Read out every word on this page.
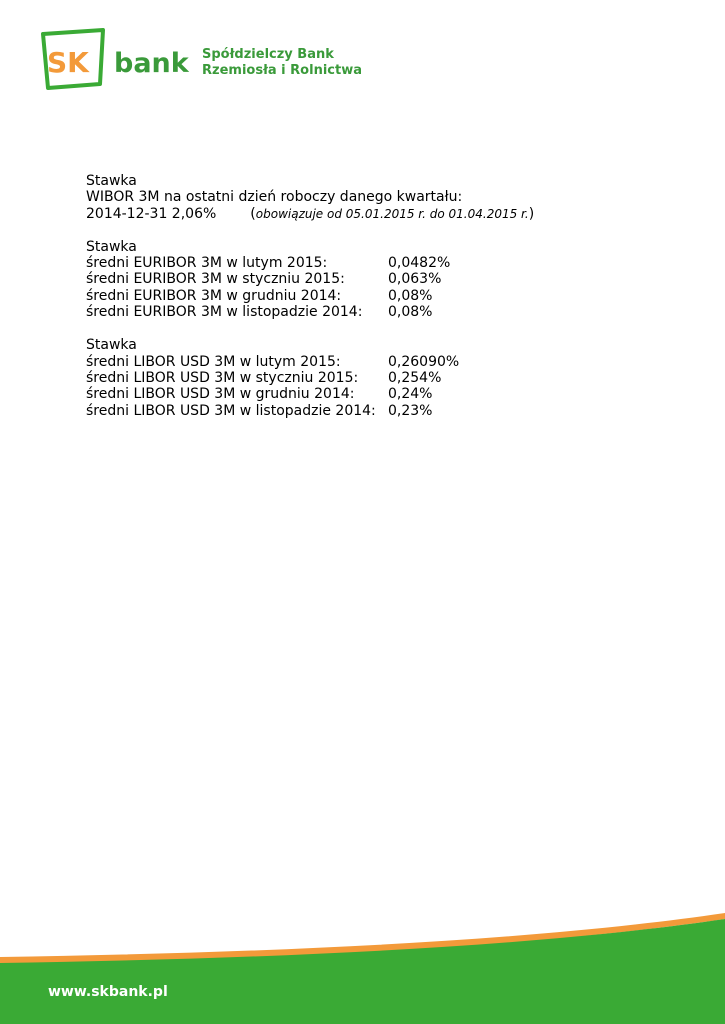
SK bank Spółdzielczy Bank
Rzemiosła i Rolnictwa
Stawka
WIBOR 3M na ostatni dzień roboczy danego kwartału:
2014-12-31 2,06% (obowiązuje od 05.01.2015 r. do 01.04.2015 r.)
Stawka
średni EURIBOR 3M w lutym 2015:	0,0482%
średni EURIBOR 3M w styczniu 2015:	0,063%
średni EURIBOR 3M w grudniu 2014:	0,08%
średni EURIBOR 3M w listopadzie 2014: 0,08%
Stawka
średni LIBOR USD 3M w lutym 2015:	0,26090%
średni LIBOR USD 3M w styczniu 2015: 0,254%
średni LIBOR USD 3M w grudniu 2014: 0,24%
średni LIBOR USD 3M w listopadzie 2014: 0,23%
www.skbank.pl
